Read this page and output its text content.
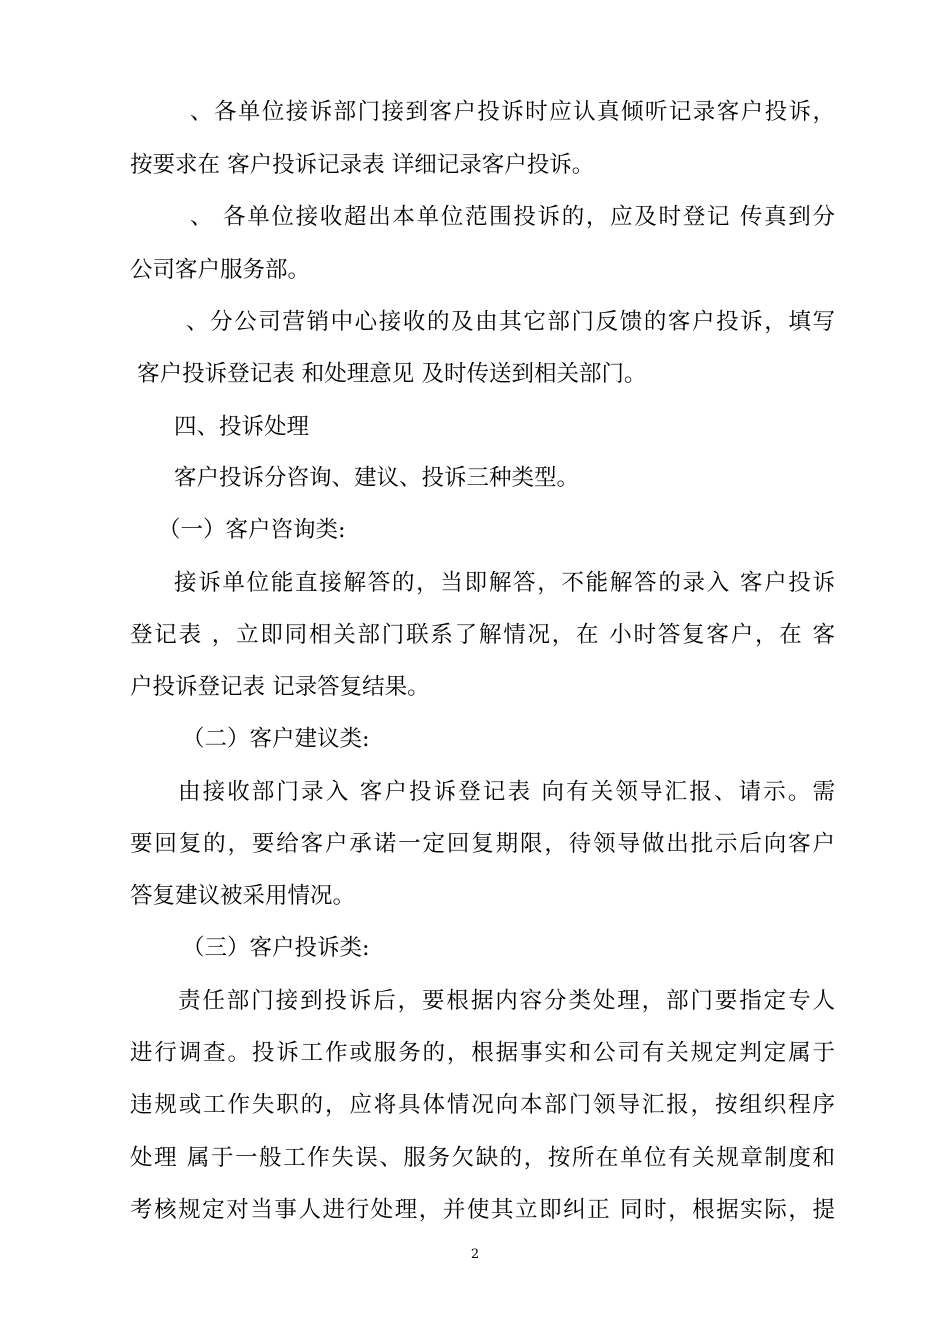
、各单位接诉部门接到客户投诉时应认真倾听记录客户投诉，
按要求在 客户投诉记录表 详细记录客户投诉。
、 各单位接收超出本单位范围投诉的，应及时登记 传真到分
公司客户服务部。
、分公司营销中心接收的及由其它部门反馈的客户投诉，填写
客户投诉登记表 和处理意见 及时传送到相关部门。
四、投诉处理
客户投诉分咨询、建议、投诉三种类型。
（一）客户咨询类:
接诉单位能直接解答的，当即解答，不能解答的录入 客户投诉
登记表 ，立即同相关部门联系了解情况，在 小时答复客户，在 客
户投诉登记表 记录答复结果。
（二）客户建议类:
由接收部门录入 客户投诉登记表 向有关领导汇报、请示。需
要回复的，要给客户承诺一定回复期限，待领导做出批示后向客户
答复建议被采用情况。
（三）客户投诉类:
责任部门接到投诉后，要根据内容分类处理，部门要指定专人
进行调查。投诉工作或服务的，根据事实和公司有关规定判定属于
违规或工作失职的，应将具体情况向本部门领导汇报，按组织程序
处理 属于一般工作失误、服务欠缺的，按所在单位有关规章制度和
考核规定对当事人进行处理，并使其立即纠正 同时，根据实际，提
2
